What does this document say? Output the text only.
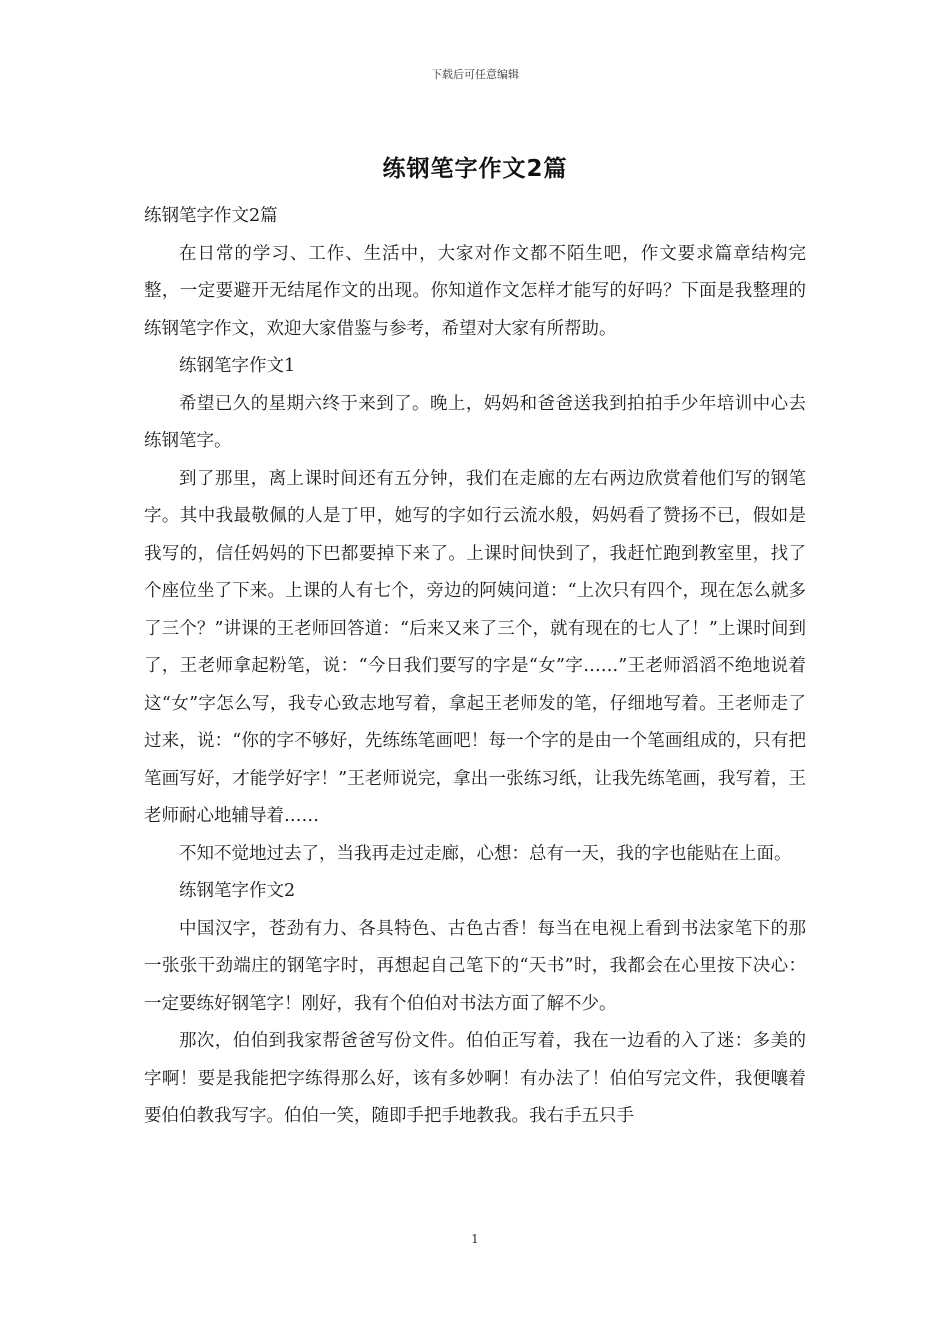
下载后可任意编辑
练钢笔字作文2篇

练钢笔字作文2篇

在日常的学习、工作、生活中，大家对作文都不陌生吧，作文要求篇章结构完整，一定要避开无结尾作文的出现。你知道作文怎样才能写的好吗？下面是我整理的练钢笔字作文，欢迎大家借鉴与参考，希望对大家有所帮助。

练钢笔字作文1

希望已久的星期六终于来到了。晚上，妈妈和爸爸送我到拍拍手少年培训中心去练钢笔字。

到了那里，离上课时间还有五分钟，我们在走廊的左右两边欣赏着他们写的钢笔字。其中我最敬佩的人是丁甲，她写的字如行云流水般，妈妈看了赞扬不已，假如是我写的，信任妈妈的下巴都要掉下来了。上课时间快到了，我赶忙跑到教室里，找了个座位坐了下来。上课的人有七个，旁边的阿姨问道：“上次只有四个，现在怎么就多了三个？”讲课的王老师回答道：“后来又来了三个，就有现在的七人了！”上课时间到了，王老师拿起粉笔，说：“今日我们要写的字是“女”字……”王老师滔滔不绝地说着这“女”字怎么写，我专心致志地写着，拿起王老师发的笔，仔细地写着。王老师走了过来，说：“你的字不够好，先练练笔画吧！每一个字的是由一个笔画组成的，只有把笔画写好，才能学好字！”王老师说完，拿出一张练习纸，让我先练笔画，我写着，王老师耐心地辅导着……

不知不觉地过去了，当我再走过走廊，心想：总有一天，我的字也能贴在上面。

练钢笔字作文2

中国汉字，苍劲有力、各具特色、古色古香！每当在电视上看到书法家笔下的那一张张干劲端庄的钢笔字时，再想起自己笔下的“天书”时，我都会在心里按下决心：一定要练好钢笔字！刚好，我有个伯伯对书法方面了解不少。

那次，伯伯到我家帮爸爸写份文件。伯伯正写着，我在一边看的入了迷：多美的字啊！要是我能把字练得那么好，该有多妙啊！有办法了！伯伯写完文件，我便嚷着要伯伯教我写字。伯伯一笑，随即手把手地教我。我右手五只手

1
